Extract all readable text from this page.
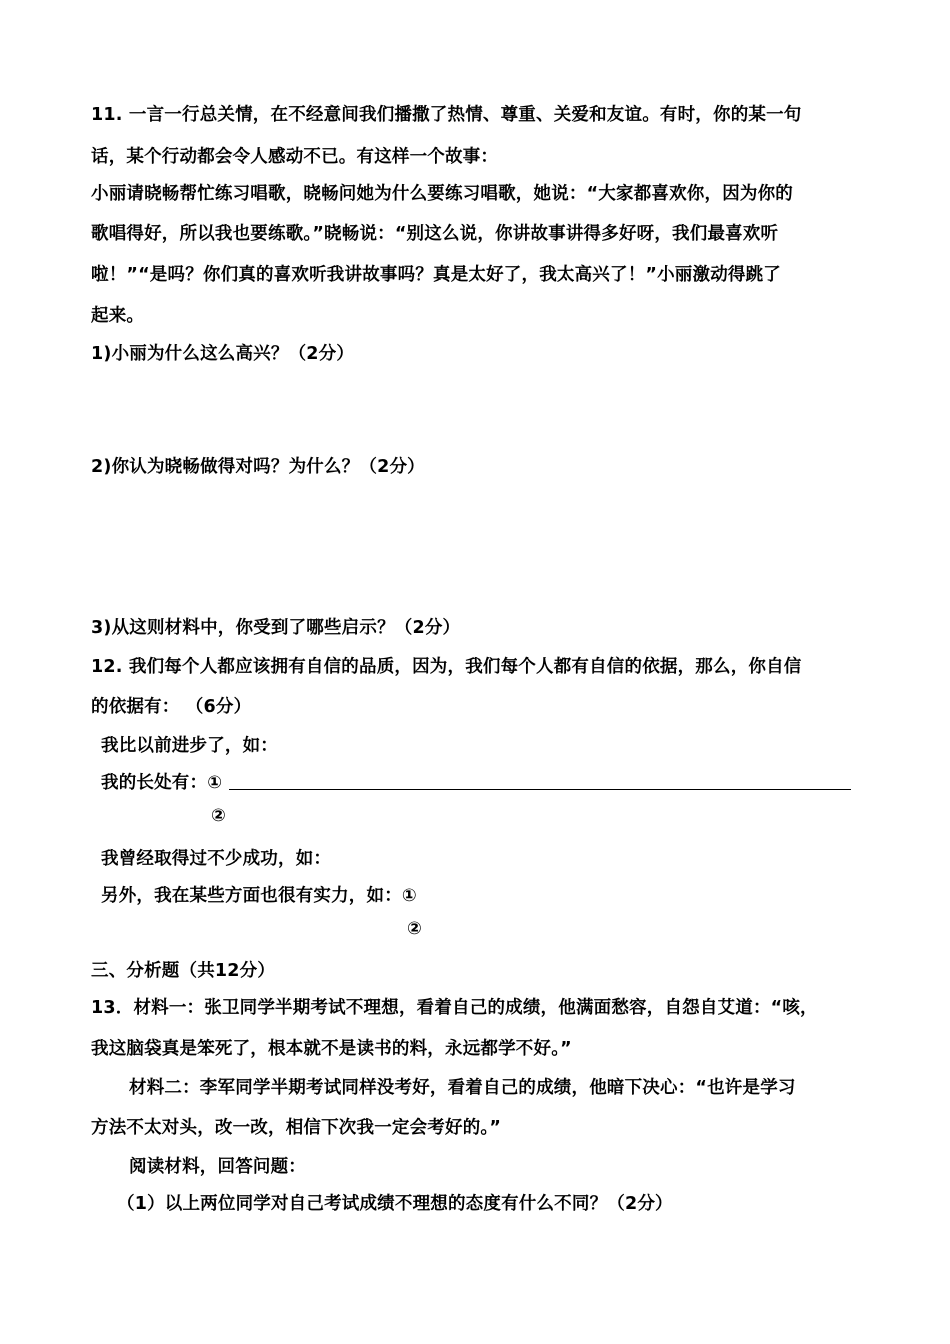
11. 一言一行总关情，在不经意间我们播撒了热情、尊重、关爱和友谊。有时，你的某一句
话，某个行动都会令人感动不已。有这样一个故事：
小丽请晓畅帮忙练习唱歌，晓畅问她为什么要练习唱歌，她说：“大家都喜欢你，因为你的
歌唱得好，所以我也要练歌。”晓畅说：“别这么说，你讲故事讲得多好呀，我们最喜欢听
啦！”“是吗？你们真的喜欢听我讲故事吗？真是太好了，我太高兴了！”小丽激动得跳了
起来。
1)小丽为什么这么高兴？（2分）
2)你认为晓畅做得对吗？为什么？（2分）
3)从这则材料中，你受到了哪些启示？（2分）
12. 我们每个人都应该拥有自信的品质，因为，我们每个人都有自信的依据，那么，你自信
的依据有： （6分）
我比以前进步了，如：
我的长处有：①
②
我曾经取得过不少成功，如：
另外，我在某些方面也很有实力，如：①
②
三、分析题（共12分）
13．材料一：张卫同学半期考试不理想，看着自己的成绩，他满面愁容，自怨自艾道：“咳，
我这脑袋真是笨死了，根本就不是读书的料，永远都学不好。”
材料二：李军同学半期考试同样没考好，看着自己的成绩，他暗下决心：“也许是学习
方法不太对头，改一改，相信下次我一定会考好的。”
阅读材料，回答问题：
（1）以上两位同学对自己考试成绩不理想的态度有什么不同？（2分）
